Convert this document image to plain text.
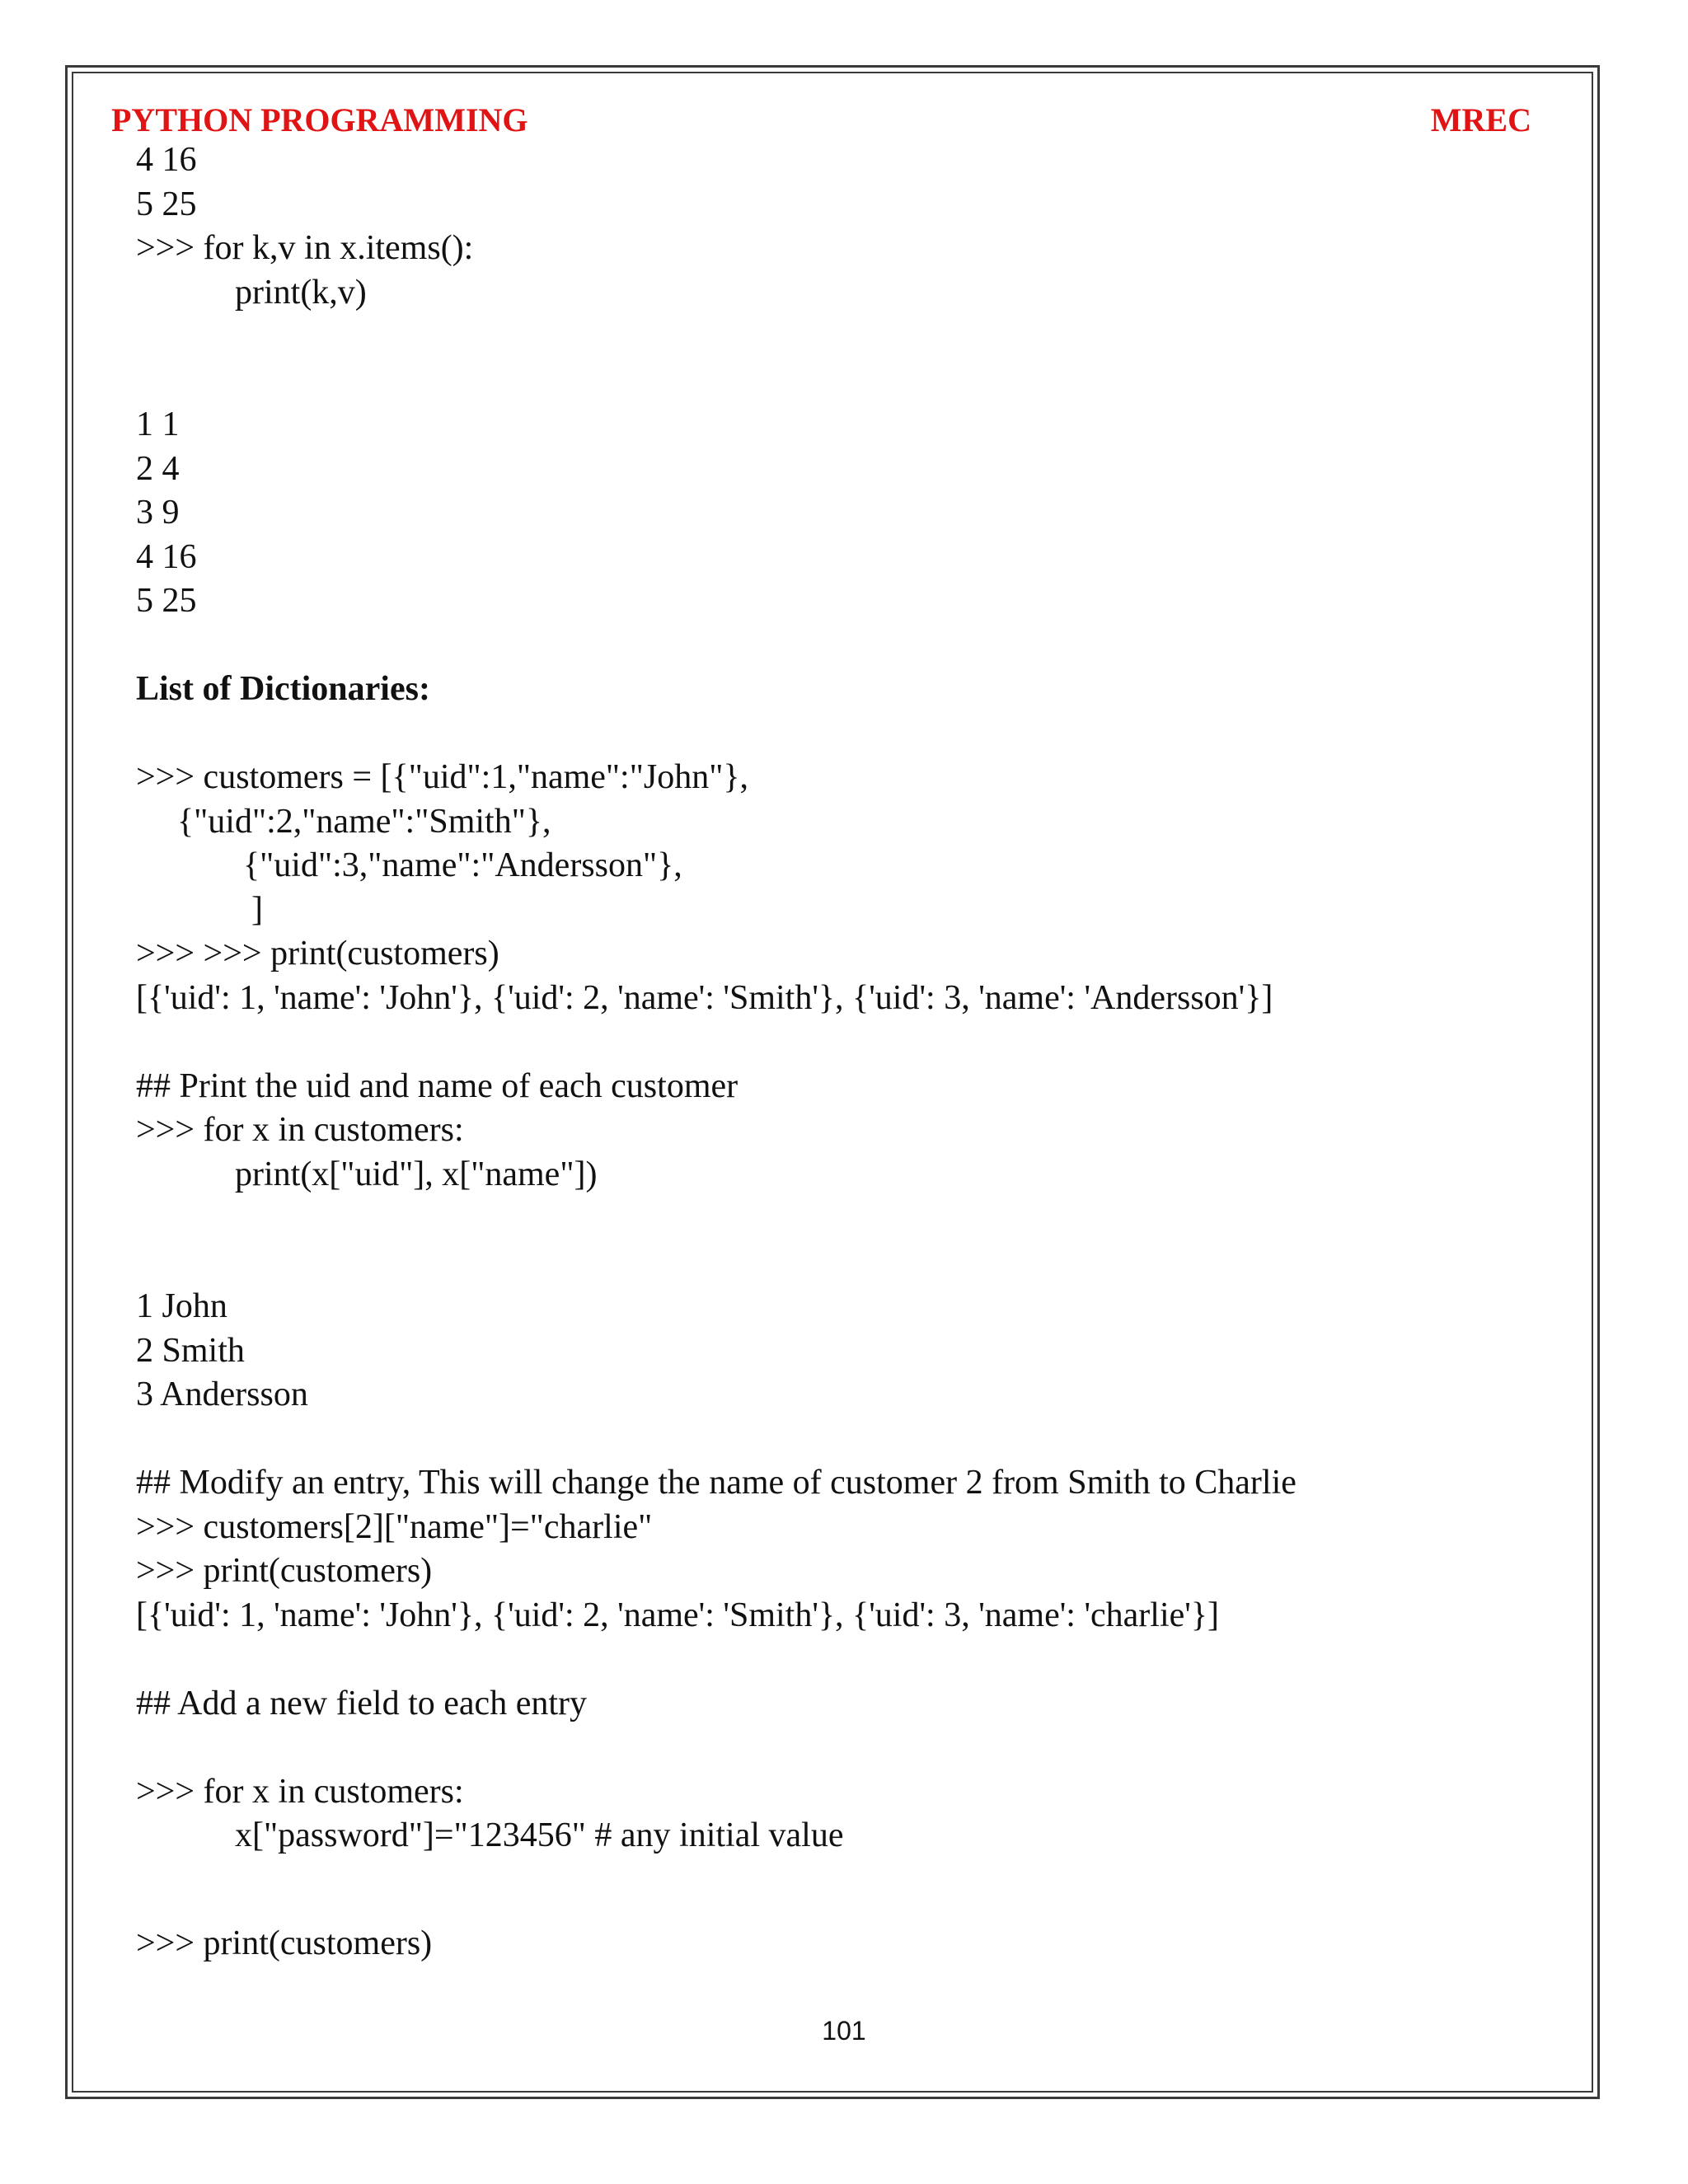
PYTHON PROGRAMMING	MREC

4 16

5 25

>>> for k,v in x.items():

print(k,v)

1 1

2 4

3 9

4 16

5 25

List of Dictionaries:

>>> customers = [{"uid":1,"name":"John"},

{"uid":2,"name":"Smith"},

{"uid":3,"name":"Andersson"},

]

>>> >>> print(customers)

[{'uid': 1, 'name': 'John'}, {'uid': 2, 'name': 'Smith'}, {'uid': 3, 'name': 'Andersson'}]

## Print the uid and name of each customer

>>> for x in customers:

print(x["uid"], x["name"])

1 John

2 Smith

3 Andersson

## Modify an entry, This will change the name of customer 2 from Smith to Charlie

>>> customers[2]["name"]="charlie"

>>> print(customers)

[{'uid': 1, 'name': 'John'}, {'uid': 2, 'name': 'Smith'}, {'uid': 3, 'name': 'charlie'}]

## Add a new field to each entry

>>> for x in customers:

x["password"]="123456" # any initial value

>>> print(customers)

101
